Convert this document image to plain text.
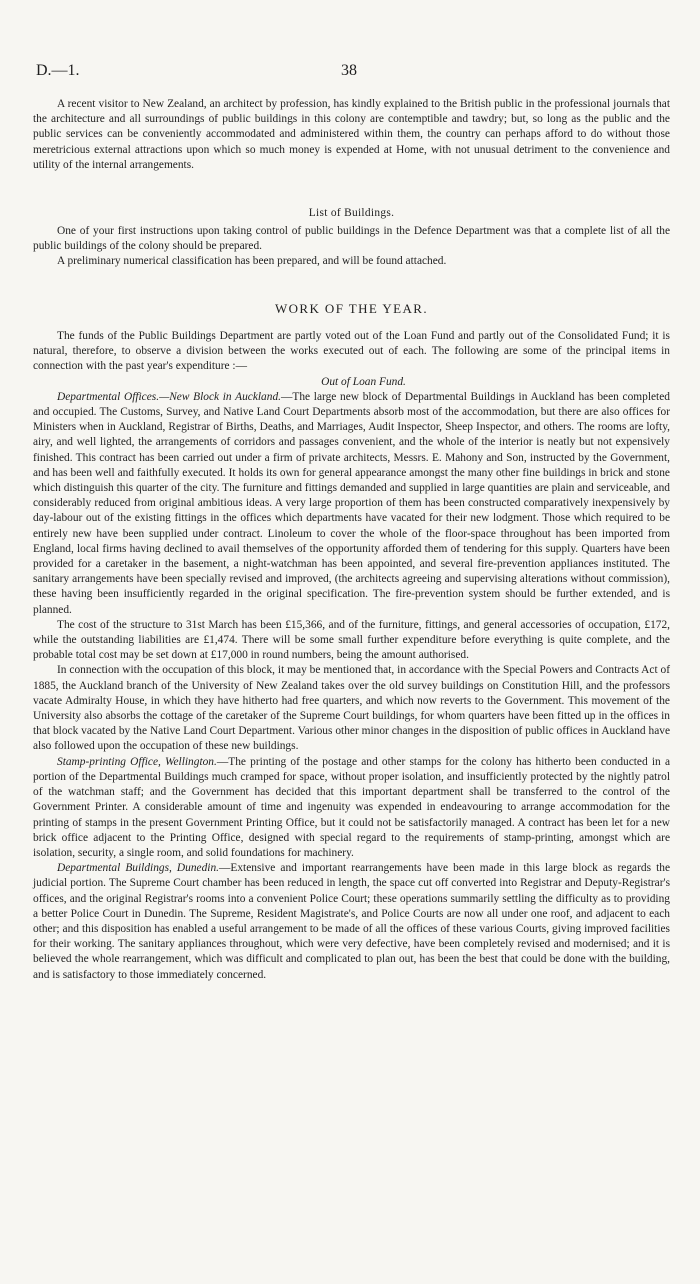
D.—1.	38

A recent visitor to New Zealand, an architect by profession, has kindly explained to the British public in the professional journals that the architecture and all surroundings of public buildings in this colony are contemptible and tawdry; but, so long as the public and the public services can be conveniently accommodated and administered within them, the country can perhaps afford to do without those meretricious external attractions upon which so much money is expended at Home, with not unusual detriment to the convenience and utility of the internal arrangements.

List of Buildings.

One of your first instructions upon taking control of public buildings in the Defence Department was that a complete list of all the public buildings of the colony should be prepared.

A preliminary numerical classification has been prepared, and will be found attached.

WORK OF THE YEAR.

The funds of the Public Buildings Department are partly voted out of the Loan Fund and partly out of the Consolidated Fund; it is natural, therefore, to observe a division between the works executed out of each. The following are some of the principal items in connection with the past year's expenditure :—

Out of Loan Fund.

Departmental Offices.—New Block in Auckland.—The large new block of Departmental Buildings in Auckland has been completed and occupied. The Customs, Survey, and Native Land Court Departments absorb most of the accommodation, but there are also offices for Ministers when in Auckland, Registrar of Births, Deaths, and Marriages, Audit Inspector, Sheep Inspector, and others. The rooms are lofty, airy, and well lighted, the arrangements of corridors and passages convenient, and the whole of the interior is neatly but not expensively finished. This contract has been carried out under a firm of private architects, Messrs. E. Mahony and Son, instructed by the Government, and has been well and faithfully executed. It holds its own for general appearance amongst the many other fine buildings in brick and stone which distinguish this quarter of the city. The furniture and fittings demanded and supplied in large quantities are plain and serviceable, and considerably reduced from original ambitious ideas. A very large proportion of them has been constructed comparatively inexpensively by day-labour out of the existing fittings in the offices which departments have vacated for their new lodgment. Those which required to be entirely new have been supplied under contract. Linoleum to cover the whole of the floor-space throughout has been imported from England, local firms having declined to avail themselves of the opportunity afforded them of tendering for this supply. Quarters have been provided for a caretaker in the basement, a night-watchman has been appointed, and several fire-prevention appliances instituted. The sanitary arrangements have been specially revised and improved, (the architects agreeing and supervising alterations without commission), these having been insufficiently regarded in the original specification. The fire-prevention system should be further extended, and is planned.

The cost of the structure to 31st March has been £15,366, and of the furniture, fittings, and general accessories of occupation, £172, while the outstanding liabilities are £1,474. There will be some small further expenditure before everything is quite complete, and the probable total cost may be set down at £17,000 in round numbers, being the amount authorised.

In connection with the occupation of this block, it may be mentioned that, in accordance with the Special Powers and Contracts Act of 1885, the Auckland branch of the University of New Zealand takes over the old survey buildings on Constitution Hill, and the professors vacate Admiralty House, in which they have hitherto had free quarters, and which now reverts to the Government. This movement of the University also absorbs the cottage of the caretaker of the Supreme Court buildings, for whom quarters have been fitted up in the offices in that block vacated by the Native Land Court Department. Various other minor changes in the disposition of public offices in Auckland have also followed upon the occupation of these new buildings.

Stamp-printing Office, Wellington.—The printing of the postage and other stamps for the colony has hitherto been conducted in a portion of the Departmental Buildings much cramped for space, without proper isolation, and insufficiently protected by the nightly patrol of the watchman staff; and the Government has decided that this important department shall be transferred to the control of the Government Printer. A considerable amount of time and ingenuity was expended in endeavouring to arrange accommodation for the printing of stamps in the present Government Printing Office, but it could not be satisfactorily managed. A contract has been let for a new brick office adjacent to the Printing Office, designed with special regard to the requirements of stamp-printing, amongst which are isolation, security, a single room, and solid foundations for machinery.

Departmental Buildings, Dunedin.—Extensive and important rearrangements have been made in this large block as regards the judicial portion. The Supreme Court chamber has been reduced in length, the space cut off converted into Registrar and Deputy-Registrar's offices, and the original Registrar's rooms into a convenient Police Court; these operations summarily settling the difficulty as to providing a better Police Court in Dunedin. The Supreme, Resident Magistrate's, and Police Courts are now all under one roof, and adjacent to each other; and this disposition has enabled a useful arrangement to be made of all the offices of these various Courts, giving improved facilities for their working. The sanitary appliances throughout, which were very defective, have been completely revised and modernised; and it is believed the whole rearrangement, which was difficult and complicated to plan out, has been the best that could be done with the building, and is satisfactory to those immediately concerned.
